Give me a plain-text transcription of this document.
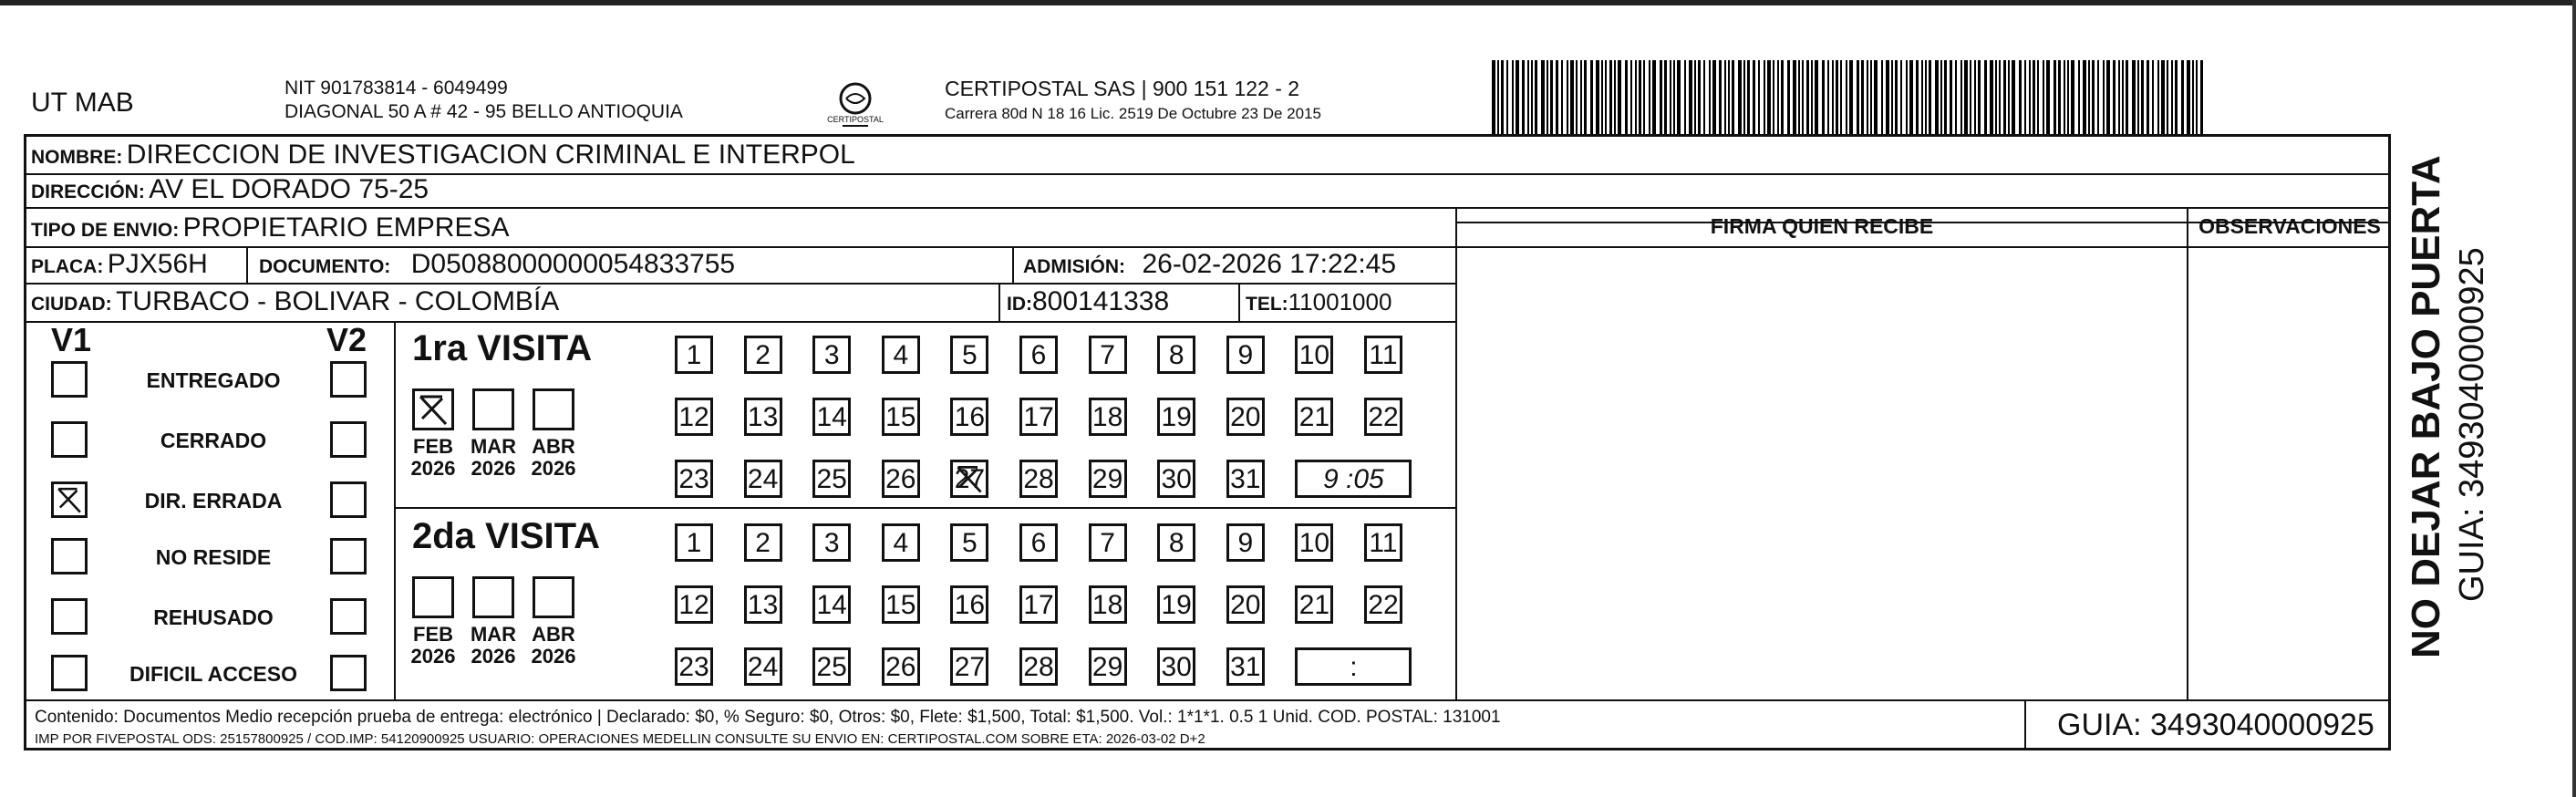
UT MAB	NIT 901783814 - 6049499
DIAGONAL 50 A # 42 - 95 BELLO ANTIOQUIA	CERTIPOSTAL
CERTIPOSTAL SAS | 900 151 122 - 2
Carrera 80d N 18 16 Lic. 2519 De Octubre 23 De 2015
NOMBRE: DIRECCION DE INVESTIGACION CRIMINAL E INTERPOL
DIRECCIÓN: AV EL DORADO 75-25
TIPO DE ENVIO: PROPIETARIO EMPRESA
PLACA: PJX56H	DOCUMENTO: D05088000000054833755	ADMISIÓN: 26-02-2026 17:22:45
CIUDAD: TURBACO - BOLIVAR - COLOMBÍA	ID:800141338	TEL:11001000
FIRMA QUIEN RECIBE	OBSERVACIONES
V1	V2
ENTREGADO
CERRADO
DIR. ERRADA
NO RESIDE
REHUSADO
DIFICIL ACCESO
1ra VISITA
FEB
2026
MAR
2026
ABR
2026
1	2	3	4	5	6	7	8	9	10 11
12 13 14 15 16 17 18 19 20 21 22
23 24 25 26 27 28 29 30 31	9 :05
2da VISITA
FEB
2026
MAR
2026
ABR
2026
1	2	3	4	5	6	7	8	9	10 11
12 13 14 15 16 17 18 19 20 21 22
23 24 25 26 27 28 29 30 31	:
Contenido: Documentos Medio recepción prueba de entrega: electrónico | Declarado: $0, % Seguro: $0, Otros: $0, Flete: $1,500, Total: $1,500. Vol.: 1*1*1. 0.5 1 Unid. COD. POSTAL: 131001
IMP POR FIVEPOSTAL ODS: 25157800925 / COD.IMP: 54120900925 USUARIO: OPERACIONES MEDELLIN CONSULTE SU ENVIO EN: CERTIPOSTAL.COM SOBRE ETA: 2026-03-02 D+2	GUIA: 3493040000925
NO DEJAR BAJO PUERTA GUIA: 3493040000925
